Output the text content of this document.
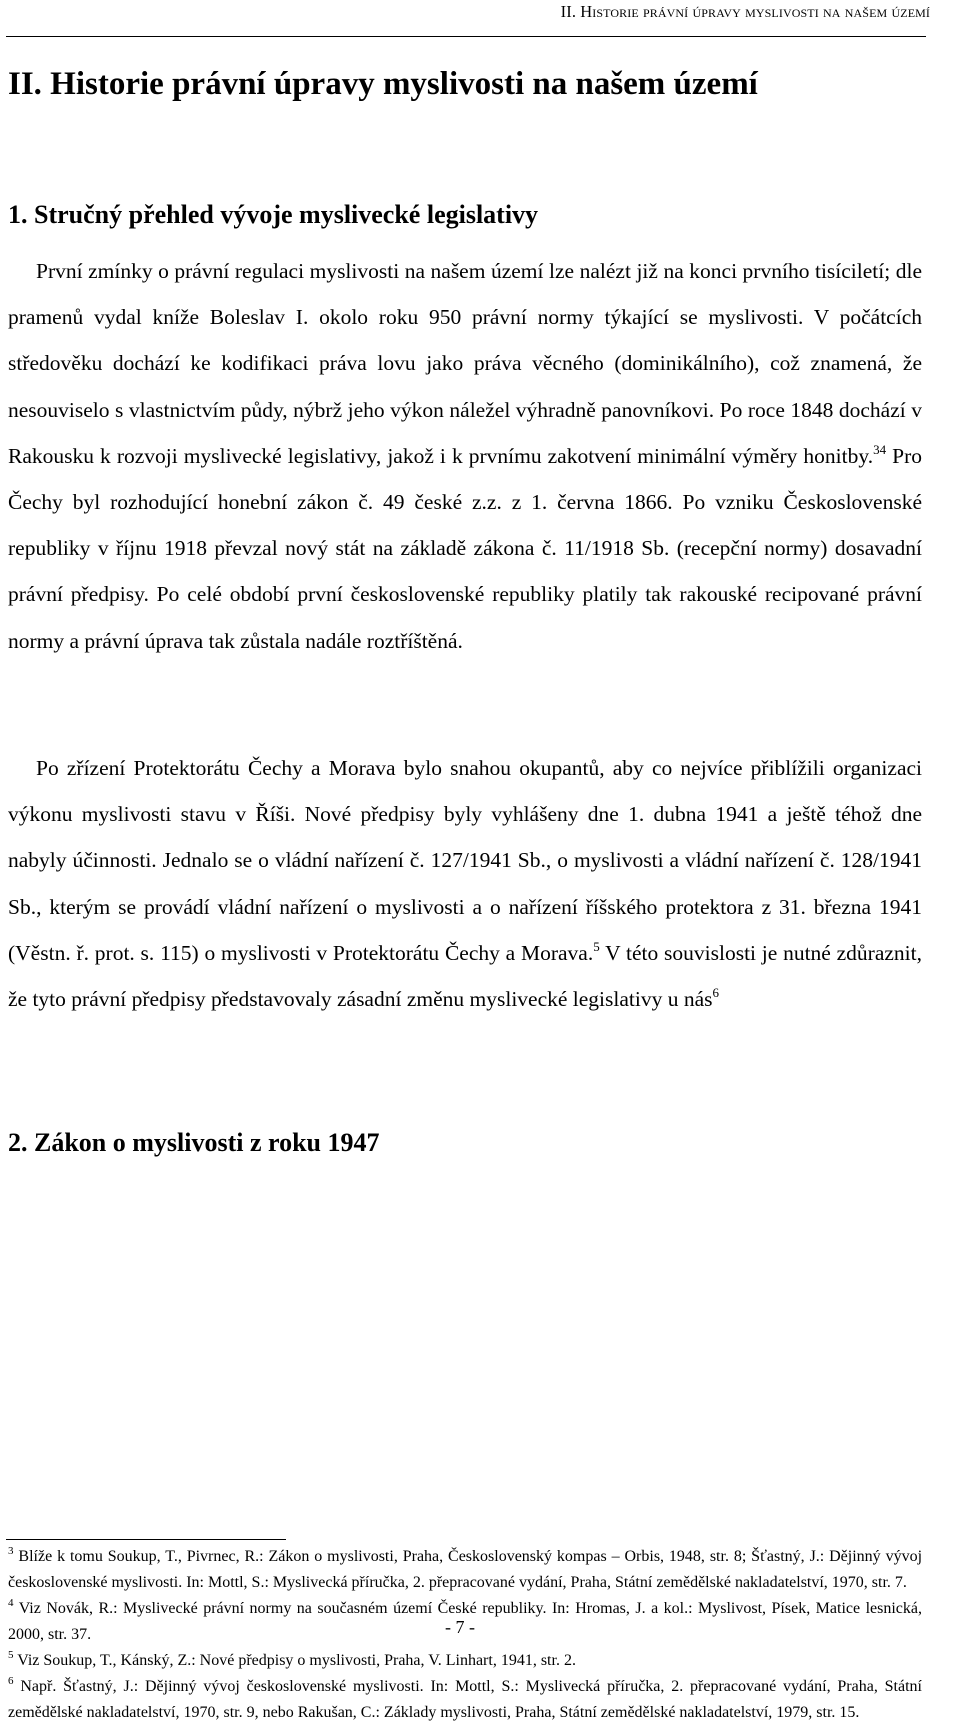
II. Historie právní úpravy myslivosti na našem území
II. Historie právní úpravy myslivosti na našem území
1. Stručný přehled vývoje myslivecké legislativy

První zmínky o právní regulaci myslivosti na našem území lze nalézt již na konci prvního tisíciletí; dle pramenů vydal kníže Boleslav I. okolo roku 950 právní normy týkající se myslivosti. V počátcích středověku dochází ke kodifikaci práva lovu jako práva věcného (dominikálního), což znamená, že nesouviselo s vlastnictvím půdy, nýbrž jeho výkon náležel výhradně panovníkovi. Po roce 1848 dochází v Rakousku k rozvoji myslivecké legislativy, jakož i k prvnímu zakotvení minimální výměry honitby.$^{34}$ Pro Čechy byl rozhodující honební zákon č. 49 české z.z. z 1. června 1866. Po vzniku Československé republiky v říjnu 1918 převzal nový stát na základě zákona č. 11/1918 Sb. (recepční normy) dosavadní právní předpisy. Po celé období první československé republiky platily tak rakouské recipované právní normy a právní úprava tak zůstala nadále roztříštěná.

Po zřízení Protektorátu Čechy a Morava bylo snahou okupantů, aby co nejvíce přiblížili organizaci výkonu myslivosti stavu v Říši. Nové předpisy byly vyhlášeny dne 1. dubna 1941 a ještě téhož dne nabyly účinnosti. Jednalo se o vládní nařízení č. 127/1941 Sb., o myslivosti a vládní nařízení č. 128/1941 Sb., kterým se provádí vládní nařízení o myslivosti a o nařízení říšského protektora z 31. března 1941 (Věstn. ř. prot. s. 115) o myslivosti v Protektorátu Čechy a Morava.$^5$ V této souvislosti je nutné zdůraznit, že tyto právní předpisy představovaly zásadní změnu myslivecké legislativy u nás$^6$

2. Zákon o myslivosti z roku 1947

$^3$ Blíže k tomu Soukup, T., Pivrnec, R.: Zákon o myslivosti, Praha, Československý kompas – Orbis, 1948, str. 8; Šťastný, J.: Dějinný vývoj československé myslivosti. In: Mottl, S.: Myslivecká příručka, 2. přepracované vydání, Praha, Státní zemědělské nakladatelství, 1970, str. 7.

$^4$ Viz Novák, R.: Myslivecké právní normy na současném území České republiky. In: Hromas, J. a kol.: Myslivost, Písek, Matice lesnická, 2000, str. 37.

$^5$ Viz Soukup, T., Kánský, Z.: Nové předpisy o myslivosti, Praha, V. Linhart, 1941, str. 2.

$^6$ Např. Šťastný, J.: Dějinný vývoj československé myslivosti. In: Mottl, S.: Myslivecká příručka, 2. přepracované vydání, Praha, Státní zemědělské nakladatelství, 1970, str. 9, nebo Rakušan, C.: Základy myslivosti, Praha, Státní zemědělské nakladatelství, 1979, str. 15.

- 7 -
